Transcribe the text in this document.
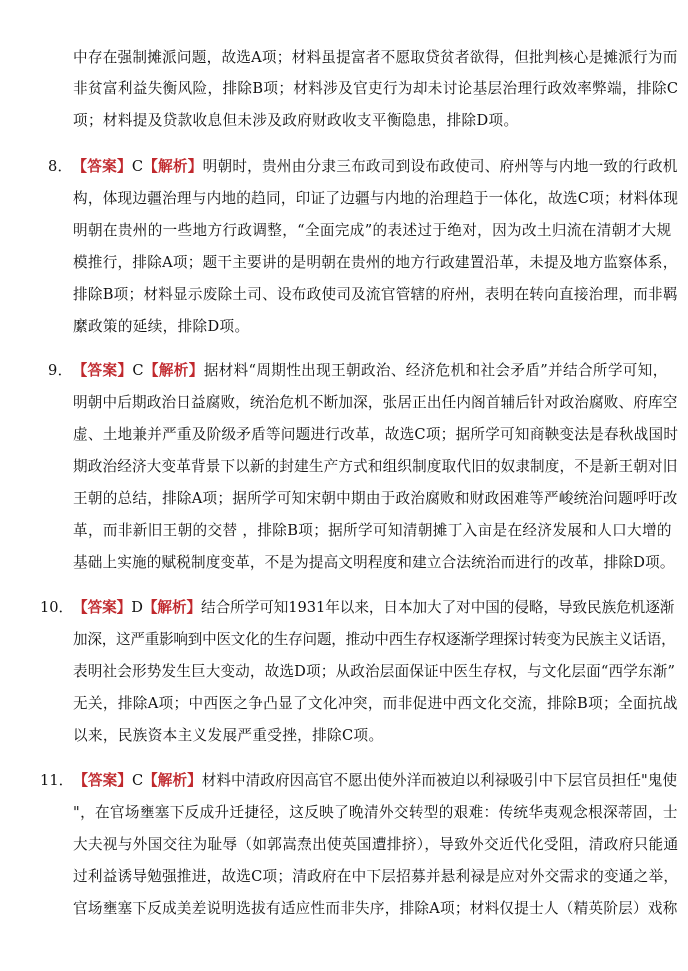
中存在强制摊派问题，故选A项；材料虽提富者不愿取贷贫者欲得，但批判核心是摊派行为而
非贫富利益失衡风险，排除B项；材料涉及官吏行为却未讨论基层治理行政效率弊端，排除C
项；材料提及贷款收息但未涉及政府财政收支平衡隐患，排除D项。
8．【答案】C【解析】明朝时，贵州由分隶三布政司到设布政使司、府州等与内地一致的行政机
构，体现边疆治理与内地的趋同，印证了边疆与内地的治理趋于一体化，故选C项；材料体现
明朝在贵州的一些地方行政调整，“全面完成”的表述过于绝对，因为改土归流在清朝才大规
模推行，排除A项；题干主要讲的是明朝在贵州的地方行政建置沿革，未提及地方监察体系，
排除B项；材料显示废除土司、设布政使司及流官管辖的府州，表明在转向直接治理，而非羁
縻政策的延续，排除D项。
9．【答案】C【解析】据材料“周期性出现王朝政治、经济危机和社会矛盾”并结合所学可知，
明朝中后期政治日益腐败，统治危机不断加深，张居正出任内阁首辅后针对政治腐败、府库空
虚、土地兼并严重及阶级矛盾等问题进行改革，故选C项；据所学可知商鞅变法是春秋战国时
期政治经济大变革背景下以新的封建生产方式和组织制度取代旧的奴隶制度，不是新王朝对旧
王朝的总结，排除A项；据所学可知宋朝中期由于政治腐败和财政困难等严峻统治问题呼吁改
革，而非新旧王朝的交替 ，排除B项；据所学可知清朝摊丁入亩是在经济发展和人口大增的
基础上实施的赋税制度变革，不是为提高文明程度和建立合法统治而进行的改革，排除D项。
10．【答案】D【解析】结合所学可知1931年以来，日本加大了对中国的侵略，导致民族危机逐渐
加深，这严重影响到中医文化的生存问题，推动中西生存权逐渐学理探讨转变为民族主义话语，
表明社会形势发生巨大变动，故选D项；从政治层面保证中医生存权，与文化层面“西学东渐”
无关，排除A项；中西医之争凸显了文化冲突，而非促进中西文化交流，排除B项；全面抗战
以来，民族资本主义发展严重受挫，排除C项。
11．【答案】C【解析】材料中清政府因高官不愿出使外洋而被迫以利禄吸引中下层官员担任"鬼使
"，在官场壅塞下反成升迁捷径，这反映了晚清外交转型的艰难：传统华夷观念根深蒂固，士
大夫视与外国交往为耻辱（如郭嵩焘出使英国遭排挤），导致外交近代化受阻，清政府只能通
过利益诱导勉强推进，故选C项；清政府在中下层招募并悬利禄是应对外交需求的变通之举，
官场壅塞下反成美差说明选拔有适应性而非失序，排除A项；材料仅提士人（精英阶层）戏称
